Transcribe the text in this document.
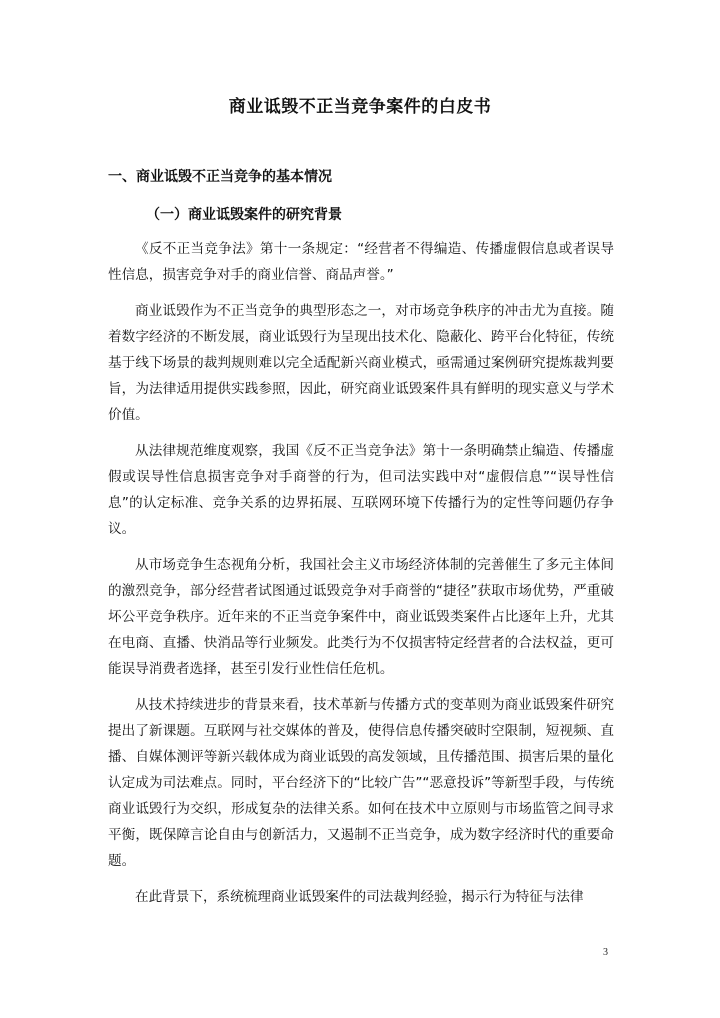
商业诋毁不正当竞争案件的白皮书
一、商业诋毁不正当竞争的基本情况
（一）商业诋毁案件的研究背景

《反不正当竞争法》第十一条规定：“经营者不得编造、传播虚假信息或者误导性信息，损害竞争对手的商业信誉、商品声誉。”

商业诋毁作为不正当竞争的典型形态之一，对市场竞争秩序的冲击尤为直接。随着数字经济的不断发展，商业诋毁行为呈现出技术化、隐蔽化、跨平台化特征，传统基于线下场景的裁判规则难以完全适配新兴商业模式，亟需通过案例研究提炼裁判要旨，为法律适用提供实践参照，因此，研究商业诋毁案件具有鲜明的现实意义与学术价值。

从法律规范维度观察，我国《反不正当竞争法》第十一条明确禁止编造、传播虚假或误导性信息损害竞争对手商誉的行为，但司法实践中对“虚假信息”“误导性信息”的认定标准、竞争关系的边界拓展、互联网环境下传播行为的定性等问题仍存争议。

从市场竞争生态视角分析，我国社会主义市场经济体制的完善催生了多元主体间的激烈竞争，部分经营者试图通过诋毁竞争对手商誉的“捷径”获取市场优势，严重破坏公平竞争秩序。近年来的不正当竞争案件中，商业诋毁类案件占比逐年上升，尤其在电商、直播、快消品等行业频发。此类行为不仅损害特定经营者的合法权益，更可能误导消费者选择，甚至引发行业性信任危机。

从技术持续进步的背景来看，技术革新与传播方式的变革则为商业诋毁案件研究提出了新课题。互联网与社交媒体的普及，使得信息传播突破时空限制，短视频、直播、自媒体测评等新兴载体成为商业诋毁的高发领域，且传播范围、损害后果的量化认定成为司法难点。同时，平台经济下的“比较广告”“恶意投诉”等新型手段，与传统商业诋毁行为交织，形成复杂的法律关系。如何在技术中立原则与市场监管之间寻求平衡，既保障言论自由与创新活力，又遏制不正当竞争，成为数字经济时代的重要命题。

在此背景下，系统梳理商业诋毁案件的司法裁判经验，揭示行为特征与法律

3
